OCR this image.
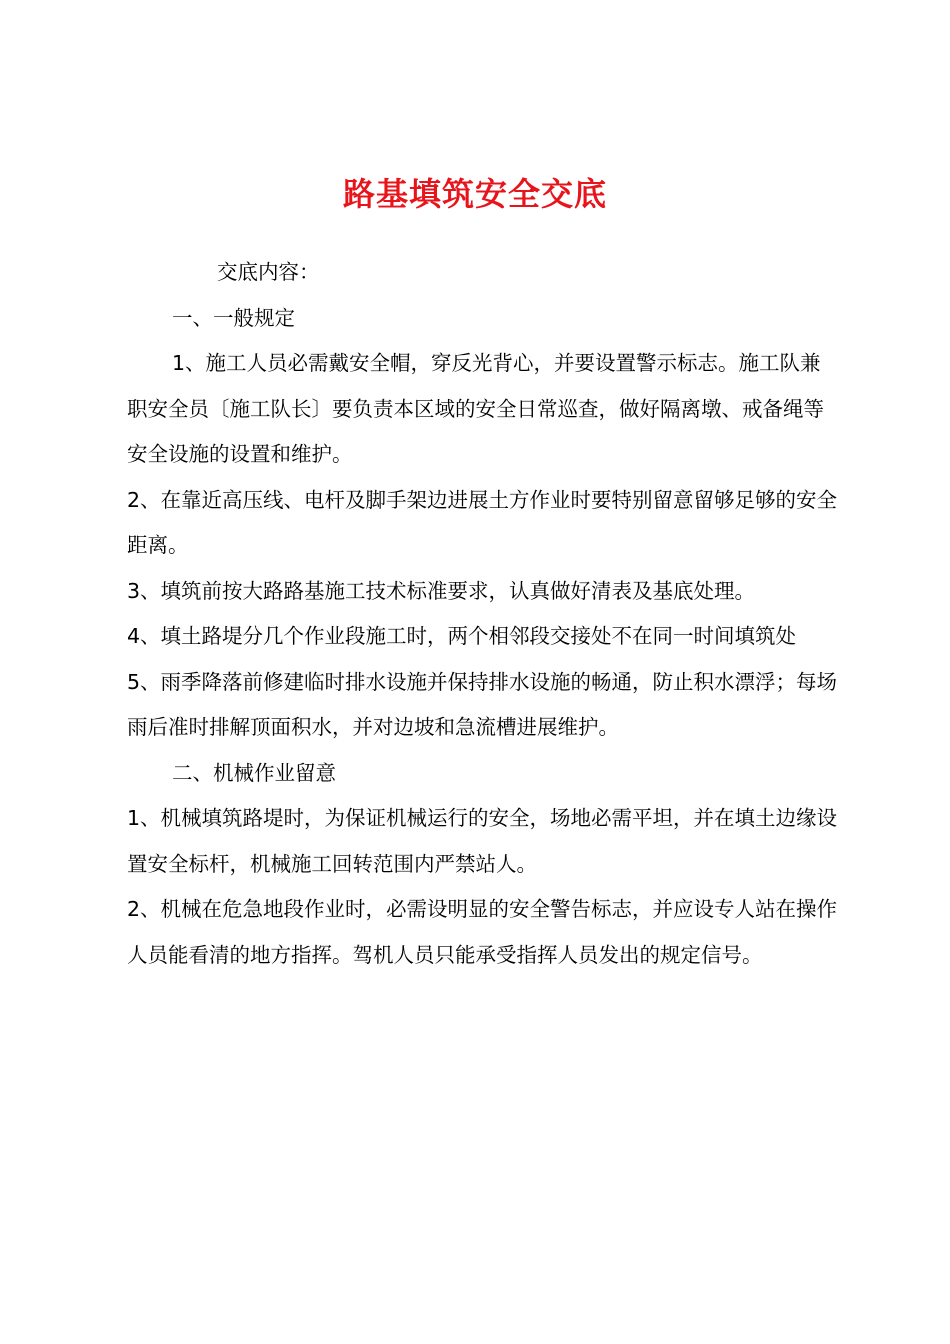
路基填筑安全交底

交底内容：

一、一般规定

1、施工人员必需戴安全帽，穿反光背心，并要设置警示标志。施工队兼职安全员〔施工队长〕要负责本区域的安全日常巡查，做好隔离墩、戒备绳等安全设施的设置和维护。

2、在靠近高压线、电杆及脚手架边进展土方作业时要特别留意留够足够的安全距离。

3、填筑前按大路路基施工技术标准要求，认真做好清表及基底处理。

4、填土路堤分几个作业段施工时，两个相邻段交接处不在同一时间填筑处

5、雨季降落前修建临时排水设施并保持排水设施的畅通，防止积水漂浮；每场雨后准时排解顶面积水，并对边坡和急流槽进展维护。

二、机械作业留意

1、机械填筑路堤时，为保证机械运行的安全，场地必需平坦，并在填土边缘设置安全标杆，机械施工回转范围内严禁站人。

2、机械在危急地段作业时，必需设明显的安全警告标志，并应设专人站在操作人员能看清的地方指挥。驾机人员只能承受指挥人员发出的规定信号。
